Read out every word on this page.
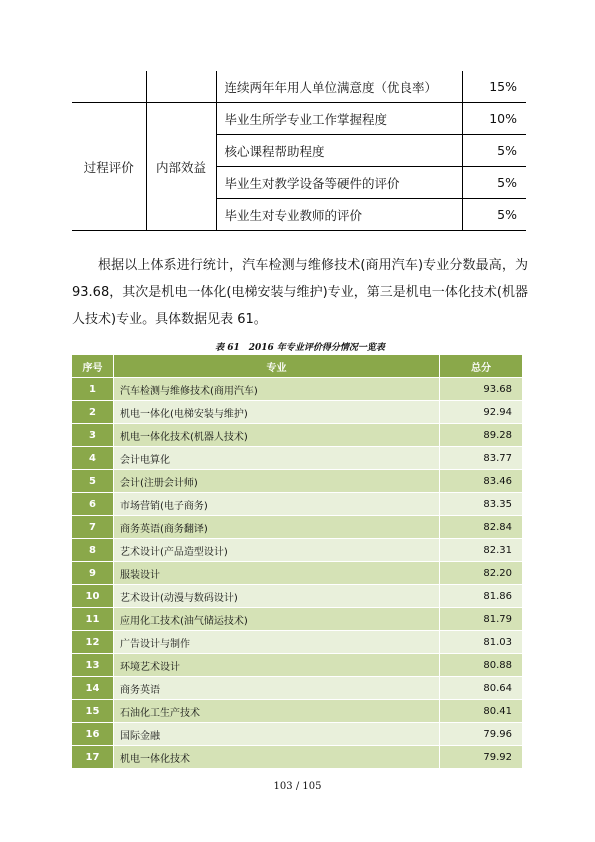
		连续两年年用人单位满意度（优良率）	15%
过程评价	内部效益	毕业生所学专业工作掌握程度	10%
		核心课程帮助程度	5%
		毕业生对教学设备等硬件的评价	5%
		毕业生对专业教师的评价	5%

根据以上体系进行统计，汽车检测与维修技术(商用汽车)专业分数最高，为93.68，其次是机电一体化(电梯安装与维护)专业，第三是机电一体化技术(机器人技术)专业。具体数据见表 61。

表 61　2016 年专业评价得分情况一览表
序号	专业	总分
1	汽车检测与维修技术(商用汽车)	93.68
2	机电一体化(电梯安装与维护)	92.94
3	机电一体化技术(机器人技术)	89.28
4	会计电算化	83.77
5	会计(注册会计师)	83.46
6	市场营销(电子商务)	83.35
7	商务英语(商务翻译)	82.84
8	艺术设计(产品造型设计)	82.31
9	服装设计	82.20
10	艺术设计(动漫与数码设计)	81.86
11	应用化工技术(油气储运技术)	81.79
12	广告设计与制作	81.03
13	环境艺术设计	80.88
14	商务英语	80.64
15	石油化工生产技术	80.41
16	国际金融	79.96
17	机电一体化技术	79.92
103 / 105
